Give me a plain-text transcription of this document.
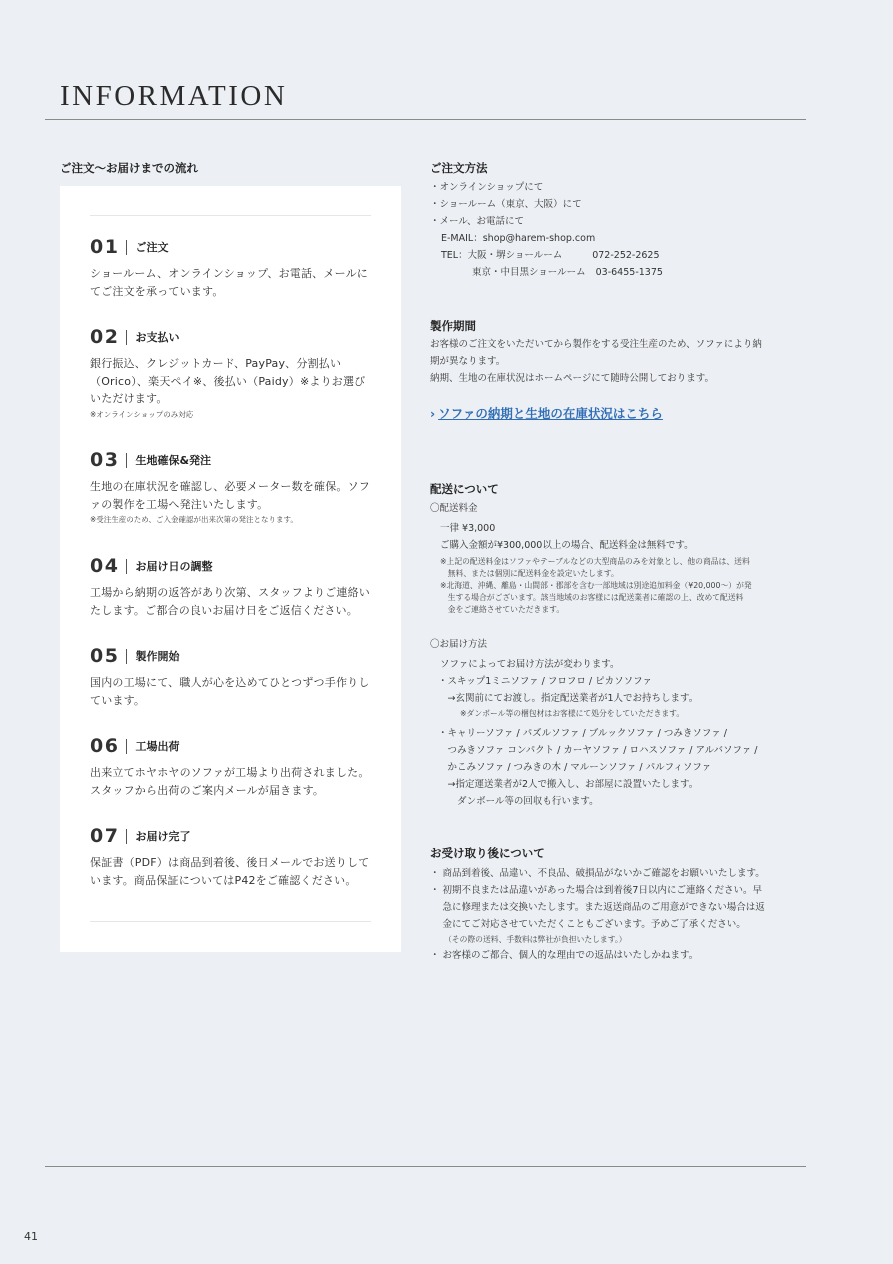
INFORMATION
ご注文〜お届けまでの流れ
01 ご注文
ショールーム、オンラインショップ、お電話、メールにてご注文を承っています。
02 お支払い
銀行振込、クレジットカード、PayPay、分割払い（Orico）、楽天ペイ※、後払い（Paidy）※よりお選びいただけます。
※オンラインショップのみ対応
03 生地確保&発注
生地の在庫状況を確認し、必要メーター数を確保。ソファの製作を工場へ発注いたします。
※受注生産のため、ご入金確認が出来次第の発注となります。
04 お届け日の調整
工場から納期の返答があり次第、スタッフよりご連絡いたします。ご都合の良いお届け日をご返信ください。
05 製作開始
国内の工場にて、職人が心を込めてひとつずつ手作りしています。
06 工場出荷
出来立てホヤホヤのソファが工場より出荷されました。スタッフから出荷のご案内メールが届きます。
07 お届け完了
保証書（PDF）は商品到着後、後日メールでお送りしています。商品保証についてはP42をご確認ください。
ご注文方法
・オンラインショップにて
・ショールーム（東京、大阪）にて
・メール、お電話にて
E-MAIL：shop@harem-shop.com
TEL：大阪・堺ショールーム	072-252-2625
東京・中目黒ショールーム 03-6455-1375
製作期間
お客様のご注文をいただいてから製作をする受注生産のため、ソファにより納
期が異なります。
納期、生地の在庫状況はホームページにて随時公開しております。
› ソファの納期と生地の在庫状況はこちら
配送について
〇配送料金
一律 ¥3,000
ご購入金額が¥300,000以上の場合、配送料金は無料です。
※上記の配送料金はソファやテーブルなどの大型商品のみを対象とし、他の商品は、送料
　無料、または個別に配送料金を設定いたします。
※北海道、沖縄、離島・山間部・郡部を含む一部地域は別途追加料金（¥20,000〜）が発
　生する場合がございます。該当地域のお客様には配送業者に確認の上、改めて配送料
　金をご連絡させていただきます。
〇お届け方法
ソファによってお届け方法が変わります。
・スキップ1ミニソファ / フロフロ / ピカソソファ
　→玄関前にてお渡し。指定配送業者が1人でお持ちします。
※ダンボール等の梱包材はお客様にて処分をしていただきます。
・キャリーソファ / パズルソファ / ブルックソファ / つみきソファ /
　つみきソファ コンパクト / カーヤソファ / ロハスソファ / アルバソファ /
　かこみソファ / つみきの木 / マルーンソファ / パルフィソファ
　→指定運送業者が2人で搬入し、お部屋に設置いたします。
　　ダンボール等の回収も行います。
お受け取り後について
・ 商品到着後、品違い、不良品、破損品がないかご確認をお願いいたします。
・ 初期不良または品違いがあった場合は到着後7日以内にご連絡ください。早
　 急に修理または交換いたします。また返送商品のご用意ができない場合は返
　 金にてご対応させていただくこともございます。予めご了承ください。
（その際の送料、手数料は弊社が負担いたします。）
・ お客様のご都合、個人的な理由での返品はいたしかねます。
41
